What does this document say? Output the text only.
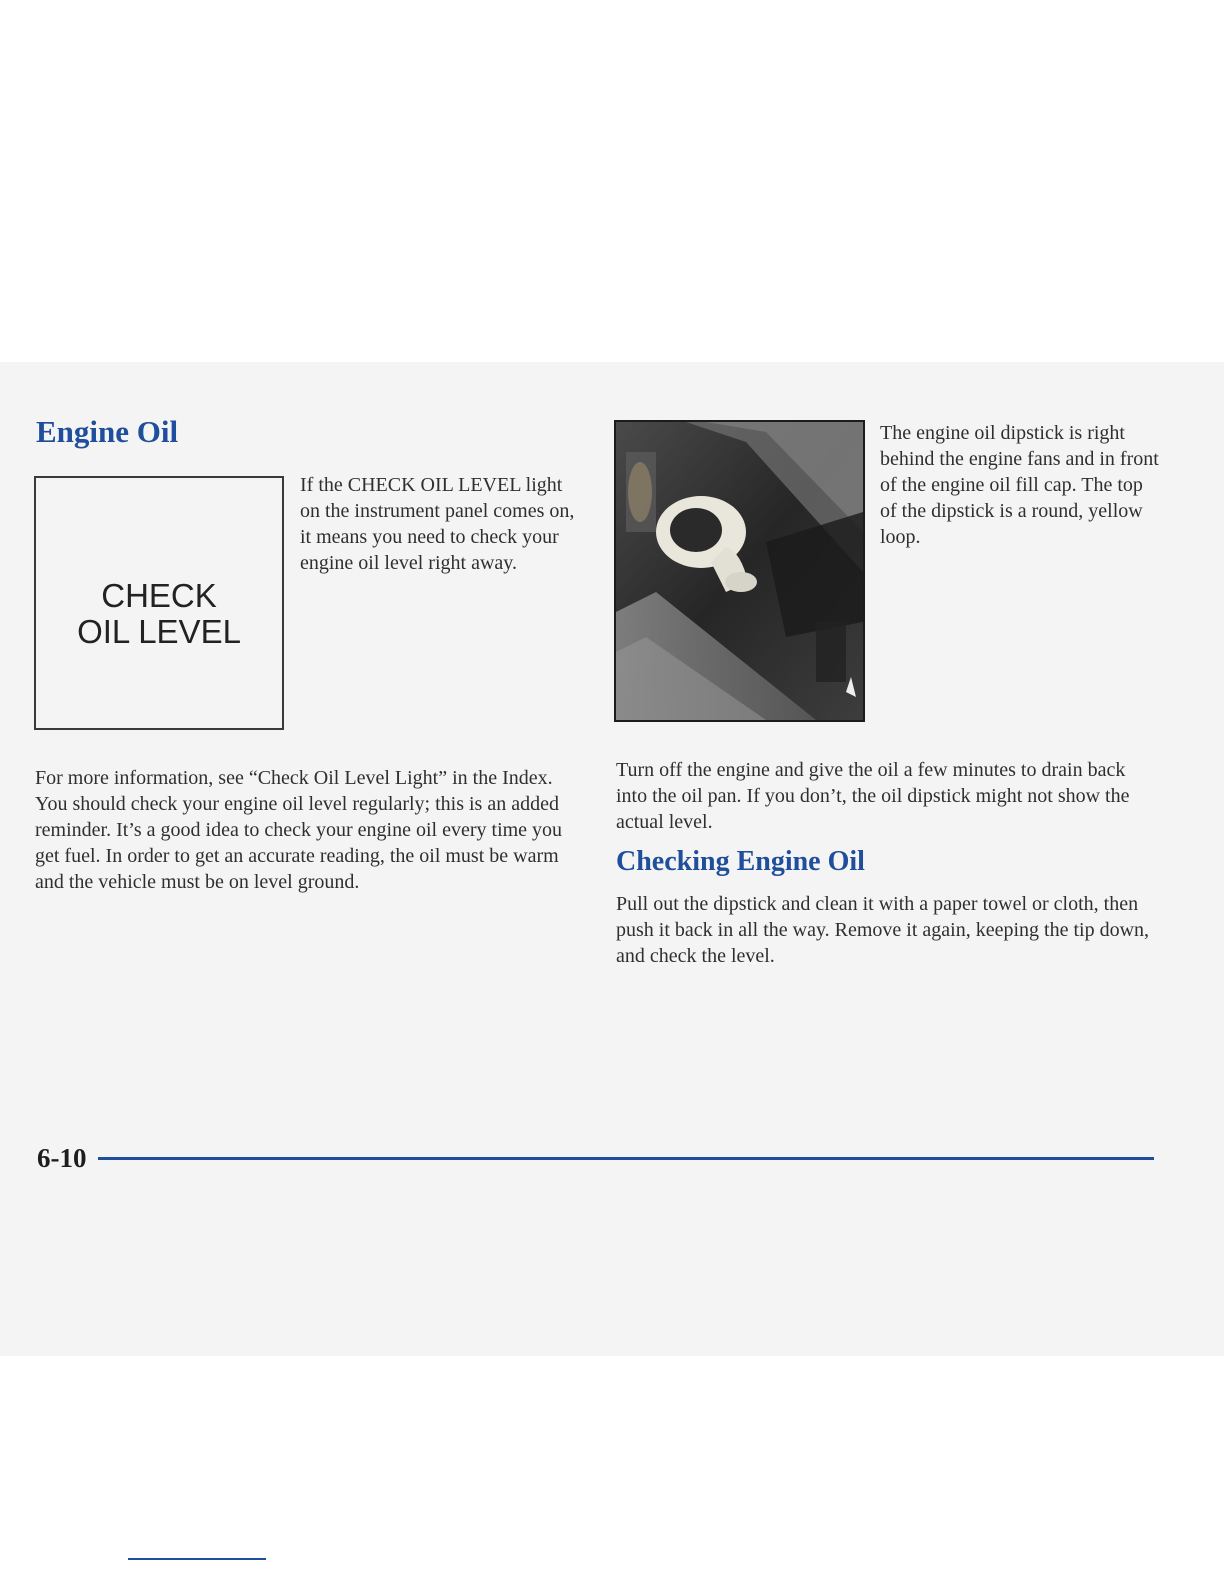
Engine Oil
CHECK
OIL LEVEL

If the CHECK OIL LEVEL light on the instrument panel comes on, it means you need to check your engine oil level right away.

For more information, see “Check Oil Level Light” in the Index. You should check your engine oil level regularly; this is an added reminder. It’s a good idea to check your engine oil every time you get fuel. In order to get an accurate reading, the oil must be warm and the vehicle must be on level ground.

The engine oil dipstick is right behind the engine fans and in front of the engine oil fill cap. The top of the dipstick is a round, yellow loop.

Turn off the engine and give the oil a few minutes to drain back into the oil pan. If you don’t, the oil dipstick might not show the actual level.

Checking Engine Oil

Pull out the dipstick and clean it with a paper towel or cloth, then push it back in all the way. Remove it again, keeping the tip down, and check the level.

6-10
